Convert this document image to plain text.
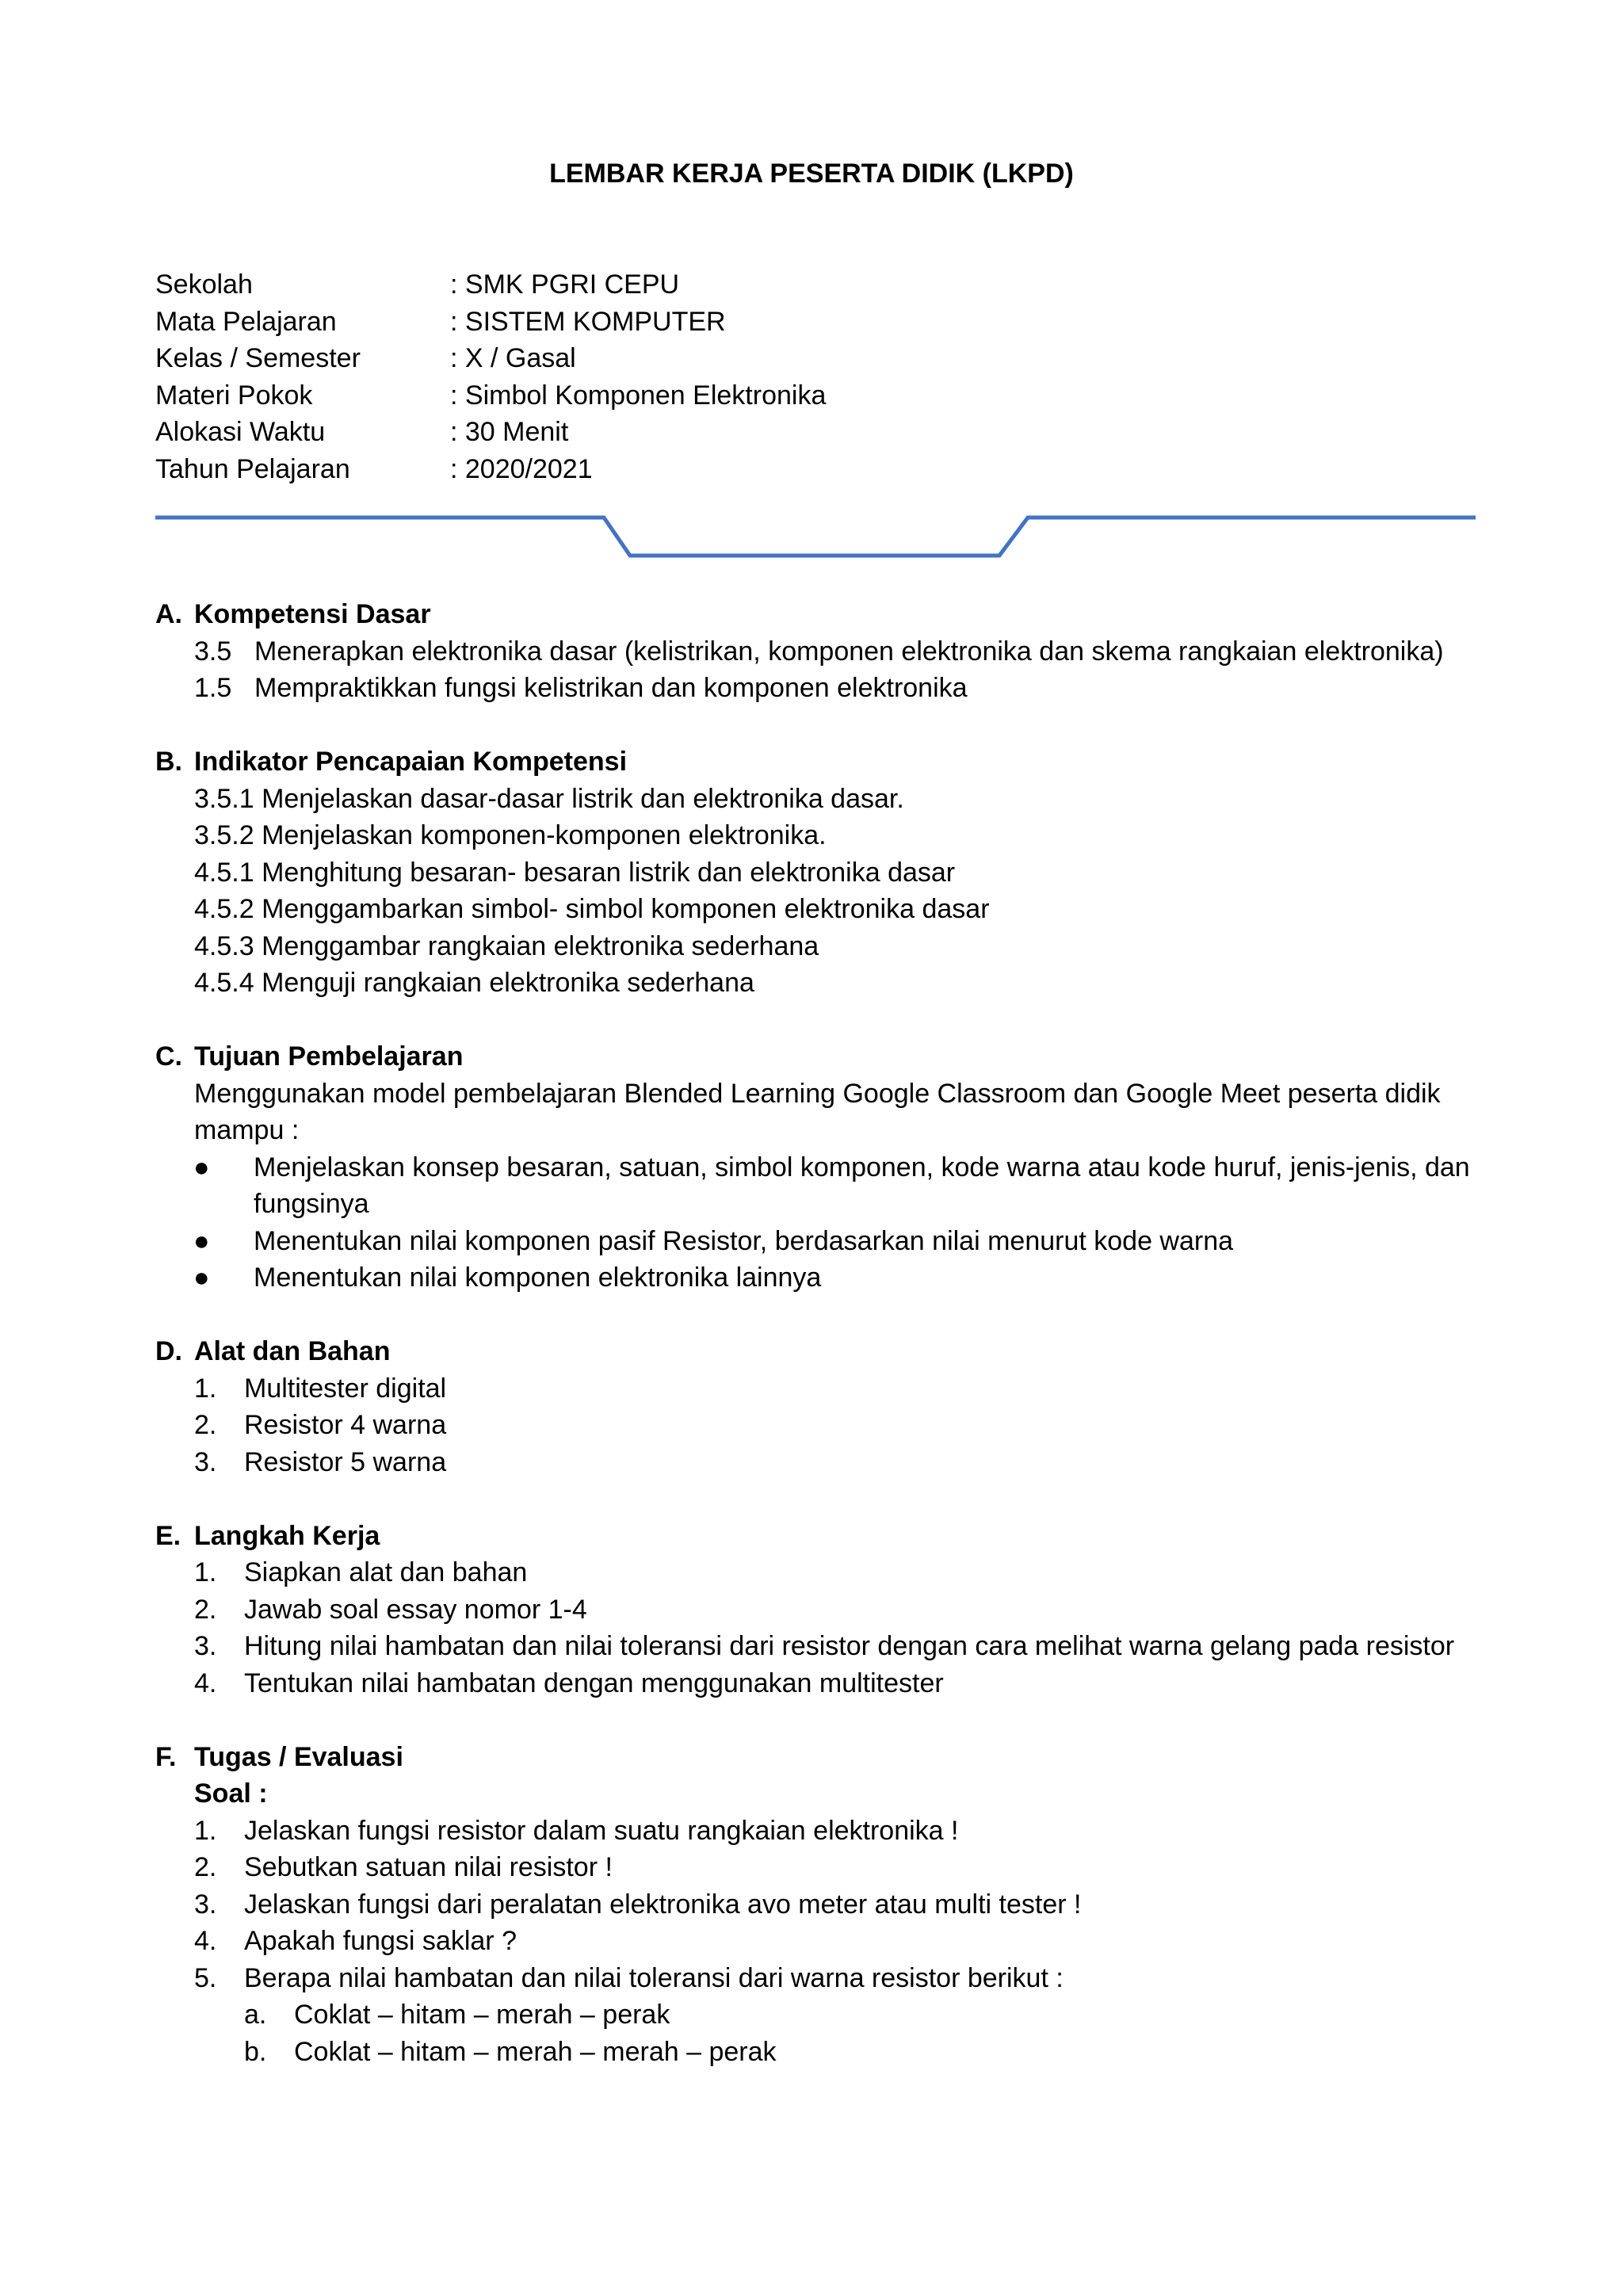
LEMBAR KERJA PESERTA DIDIK (LKPD)
Sekolah	: SMK PGRI CEPU
Mata Pelajaran	: SISTEM KOMPUTER
Kelas / Semester	: X / Gasal
Materi Pokok	: Simbol Komponen Elektronika
Alokasi Waktu	: 30 Menit
Tahun Pelajaran	: 2020/2021
A. Kompetensi Dasar
3.5 Menerapkan elektronika dasar (kelistrikan, komponen elektronika dan skema rangkaian elektronika)
1.5 Mempraktikkan fungsi kelistrikan dan komponen elektronika
B. Indikator Pencapaian Kompetensi
3.5.1 Menjelaskan dasar-dasar listrik dan elektronika dasar.
3.5.2 Menjelaskan komponen-komponen elektronika.
4.5.1 Menghitung besaran- besaran listrik dan elektronika dasar
4.5.2 Menggambarkan simbol- simbol komponen elektronika dasar
4.5.3 Menggambar rangkaian elektronika sederhana
4.5.4 Menguji rangkaian elektronika sederhana
C. Tujuan Pembelajaran
Menggunakan model pembelajaran Blended Learning Google Classroom dan Google Meet peserta didik mampu :
●	Menjelaskan konsep besaran, satuan, simbol komponen, kode warna atau kode huruf, jenis-jenis, dan fungsinya
●	Menentukan nilai komponen pasif Resistor, berdasarkan nilai menurut kode warna
●	Menentukan nilai komponen elektronika lainnya
D. Alat dan Bahan
1.	Multitester digital
2.	Resistor 4 warna
3.	Resistor 5 warna
E. Langkah Kerja
1.	Siapkan alat dan bahan
2.	Jawab soal essay nomor 1-4
3.	Hitung nilai hambatan dan nilai toleransi dari resistor dengan cara melihat warna gelang pada resistor
4.	Tentukan nilai hambatan dengan menggunakan multitester
F. Tugas / Evaluasi
Soal :
1.	Jelaskan fungsi resistor dalam suatu rangkaian elektronika !
2.	Sebutkan satuan nilai resistor !
3.	Jelaskan fungsi dari peralatan elektronika avo meter atau multi tester !
4.	Apakah fungsi saklar ?
5.	Berapa nilai hambatan dan nilai toleransi dari warna resistor berikut :
a.	Coklat – hitam – merah – perak
b.	Coklat – hitam – merah – merah – perak
